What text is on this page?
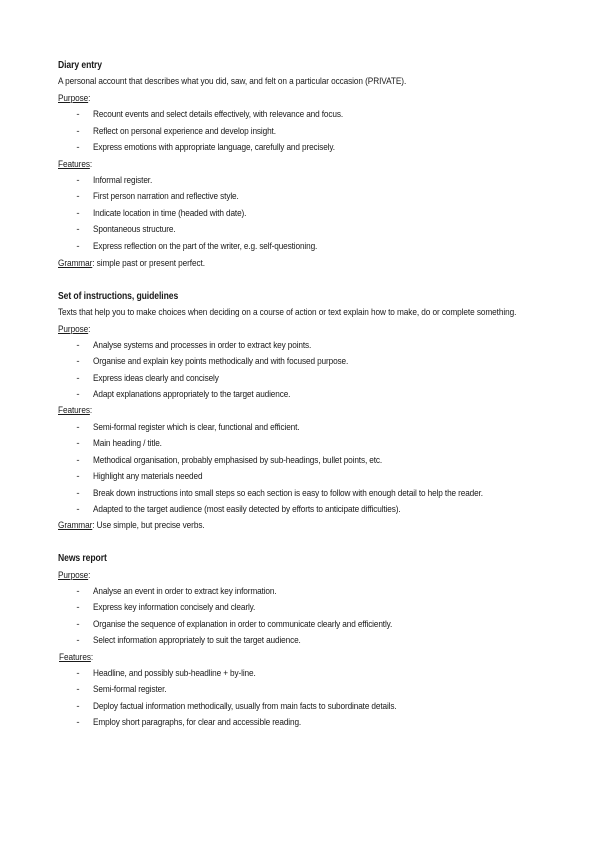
Diary entry
A personal account that describes what you did, saw, and felt on a particular occasion (PRIVATE).
Purpose:
- Recount events and select details effectively, with relevance and focus.
- Reflect on personal experience and develop insight.
- Express emotions with appropriate language, carefully and precisely.
Features:
- Informal register.
- First person narration and reflective style.
- Indicate location in time (headed with date).
- Spontaneous structure.
- Express reflection on the part of the writer, e.g. self-questioning.
Grammar: simple past or present perfect.
Set of instructions, guidelines
Texts that help you to make choices when deciding on a course of action or text explain how to make, do or complete something.
Purpose:
- Analyse systems and processes in order to extract key points.
- Organise and explain key points methodically and with focused purpose.
- Express ideas clearly and concisely
- Adapt explanations appropriately to the target audience.
Features:
- Semi-formal register which is clear, functional and efficient.
- Main heading / title.
- Methodical organisation, probably emphasised by sub-headings, bullet points, etc.
- Highlight any materials needed
- Break down instructions into small steps so each section is easy to follow with enough detail to help the reader.
- Adapted to the target audience (most easily detected by efforts to anticipate difficulties).
Grammar: Use simple, but precise verbs.
News report
Purpose:
- Analyse an event in order to extract key information.
- Express key information concisely and clearly.
- Organise the sequence of explanation in order to communicate clearly and efficiently.
- Select information appropriately to suit the target audience.
Features:
- Headline, and possibly sub-headline + by-line.
- Semi-formal register.
- Deploy factual information methodically, usually from main facts to subordinate details.
- Employ short paragraphs, for clear and accessible reading.
